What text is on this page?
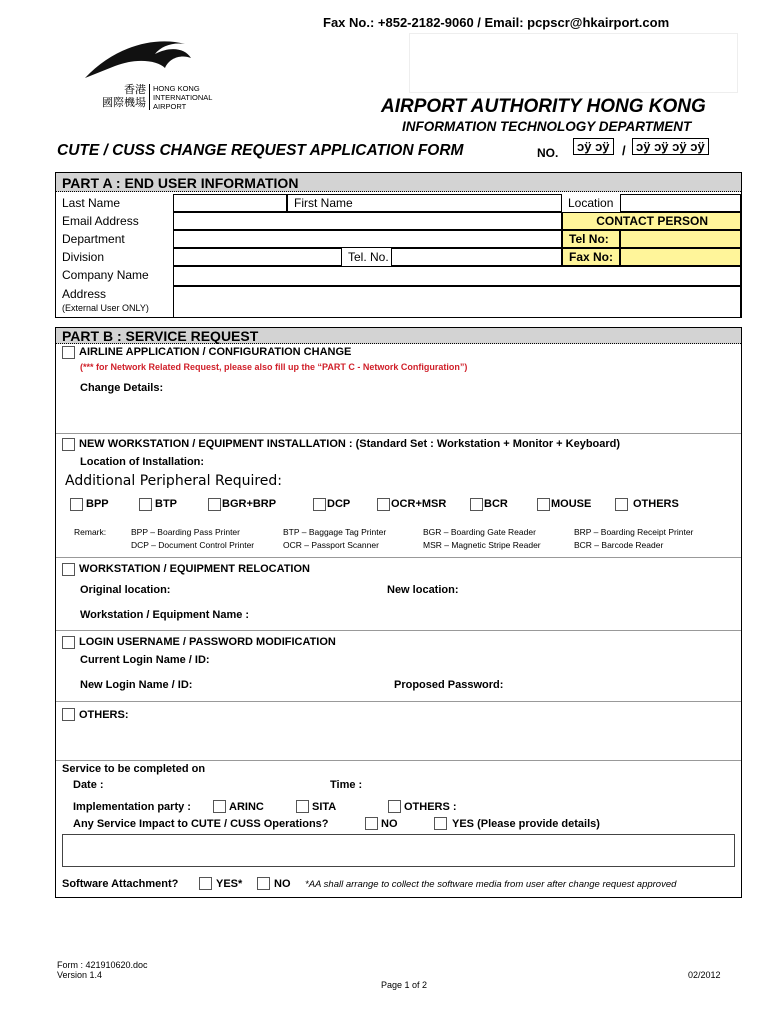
Fax No.: +852-2182-9060 / Email: pcpscr@hkairport.com
香港
國際機場
HONG KONG
INTERNATIONAL
AIRPORT	AIRPORT AUTHORITY HONG KONG
INFORMATION TECHNOLOGY DEPARTMENT
CUTE / CUSS CHANGE REQUEST APPLICATION FORM	NO.	ɔÿ ɔÿ / ɔÿ ɔÿ ɔÿ ɔÿ
PART A : END USER INFORMATION
Last Name	First Name	Location
Email Address	CONTACT PERSON
Department	Tel No:
Division	Tel. No.	Fax No:
Company Name
Address
(External User ONLY)
PART B : SERVICE REQUEST
AIRLINE APPLICATION / CONFIGURATION CHANGE
(*** for Network Related Request, please also fill up the “PART C - Network Configuration”)
Change Details:
NEW WORKSTATION / EQUIPMENT INSTALLATION : (Standard Set : Workstation + Monitor + Keyboard)
Location of Installation:
Additional Peripheral Required:
BPP	BTP	BGR+BRP	DCP	OCR+MSR	BCR	MOUSE	OTHERS
Remark:	BPP – Boarding Pass Printer	BTP – Baggage Tag Printer	BGR – Boarding Gate Reader	BRP – Boarding Receipt Printer
DCP – Document Control Printer	OCR – Passport Scanner	MSR – Magnetic Stripe Reader	BCR – Barcode Reader
WORKSTATION / EQUIPMENT RELOCATION
Original location:	New location:
Workstation / Equipment Name :
LOGIN USERNAME / PASSWORD MODIFICATION
Current Login Name / ID:
New Login Name / ID:	Proposed Password:
OTHERS:
Service to be completed on
Date :	Time :
Implementation party :	ARINC	SITA	OTHERS :
Any Service Impact to CUTE / CUSS Operations?	NO	YES (Please provide details)
Software Attachment?	YES*	NO *AA shall arrange to collect the software media from user after change request approved
Form : 421910620.doc
Version 1.4	02/2012
Page 1 of 2
